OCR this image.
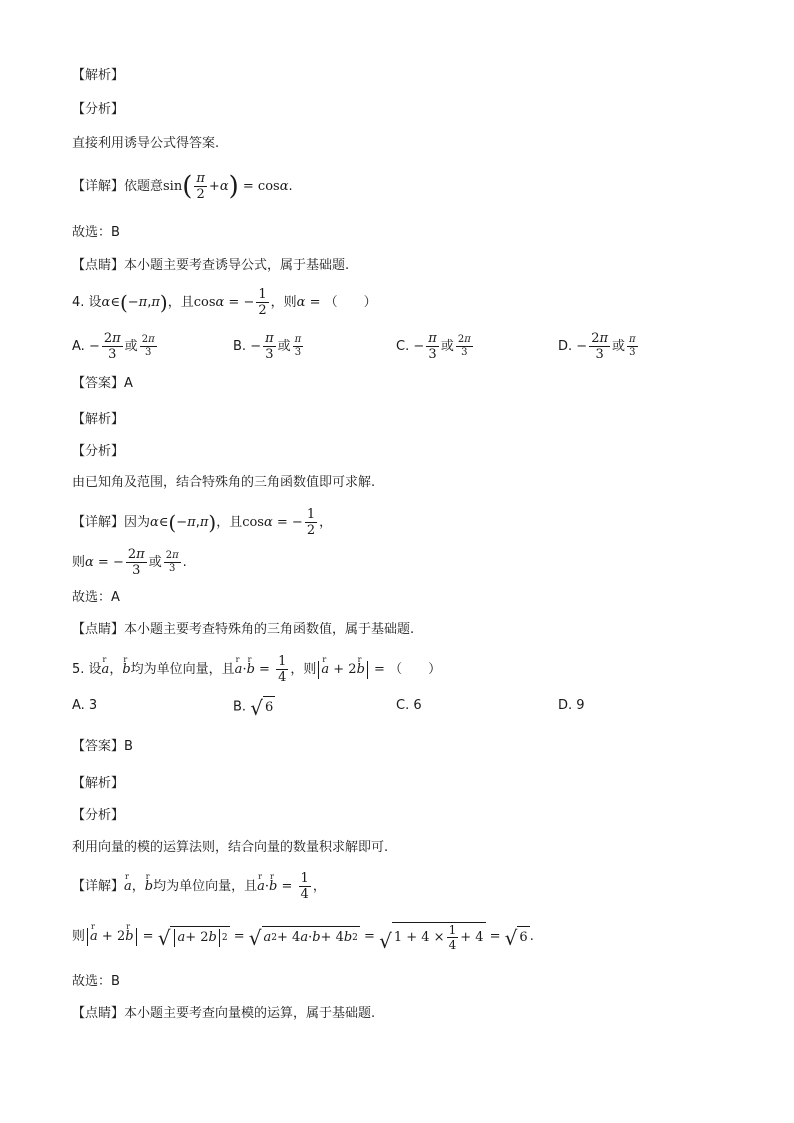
【解析】
【分析】
直接利用诱导公式得答案.
【详解】依题意$\sin( \frac{\pi}{2} +\alpha) = \cos\alpha$.
故选：B
【点睛】本小题主要考查诱导公式，属于基础题.
4. 设α∈(−π,π)，且cosα = − $\frac{1}{2}$ ，则α = （　　）
A. − $\frac{2\pi}{3}$ 或 $\frac{2\pi}{3}$	B. − $\frac{\pi}{3}$ 或 $\frac{\pi}{3}$	C. − $\frac{\pi}{3}$ 或 $\frac{2\pi}{3}$	D. − $\frac{2\pi}{3}$ 或 $\frac{\pi}{3}$
【答案】A
【解析】
【分析】
由已知角及范围，结合特殊角的三角函数值即可求解.
【详解】因为α∈(−π,π)，且cosα = − $\frac{1}{2}$ ，
则α = − $\frac{2\pi}{3}$ 或 $\frac{2\pi}{3}$ .
故选：A
【点睛】本小题主要考查特殊角的三角函数值，属于基础题.
5. 设r a，r b均为单位向量，且r a·r $b = \frac{1}{4}$ ，则 r a + 2r b = （　　）
A. 3	B. √ 6	C. 6	D. 9
【答案】B
【解析】
【分析】
利用向量的模的运算法则，结合向量的数量积求解即可.
【详解】r a，r b均为单位向量，且r a·r $b = \frac{1}{4}$ ，
则 r a + 2r b = √ a + 2 b 2 = √ a 2 + 4 a · b + 4 b 2 = √ $1 + 4 \times \frac{1}{4} + 4$ = √ 6 .
故选：B
【点睛】本小题主要考查向量模的运算，属于基础题.
